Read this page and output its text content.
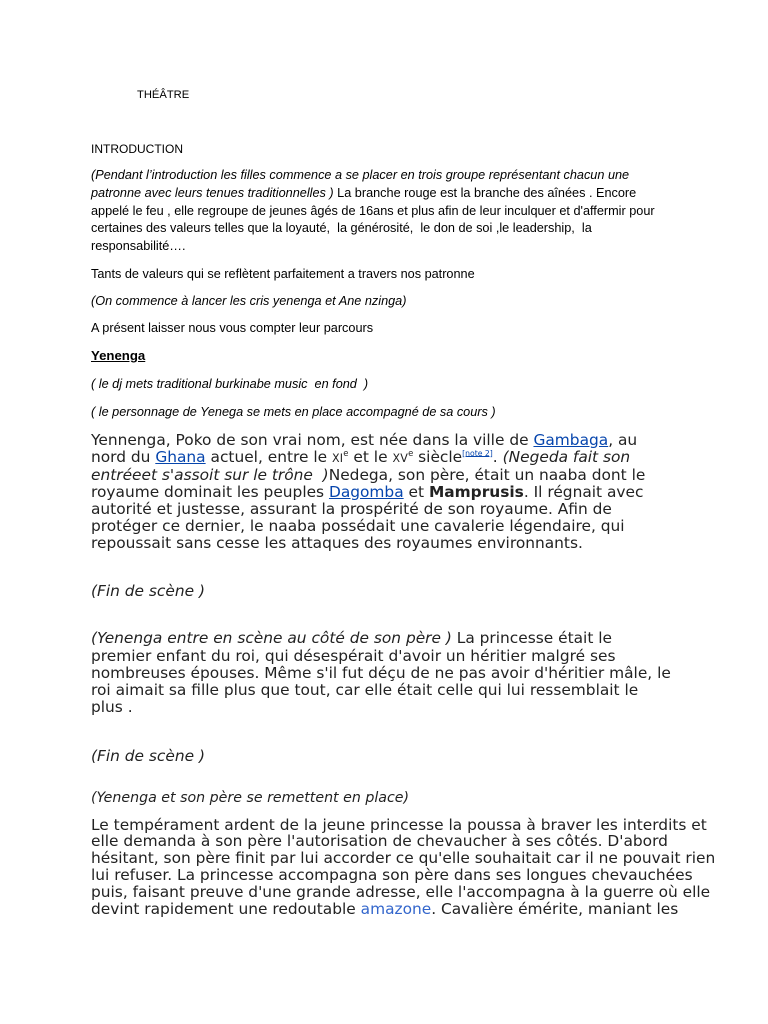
THÉÂTRE
INTRODUCTION
(Pendant l’introduction les filles commence a se placer en trois groupe représentant chacun une
patronne avec leurs tenues traditionnelles ) La branche rouge est la branche des aînées . Encore
appelé le feu , elle regroupe de jeunes âgés de 16ans et plus afin de leur inculquer et d'affermir pour
certaines des valeurs telles que la loyauté,  la générosité,  le don de soi ,le leadership,  la
responsabilité….
Tants de valeurs qui se reflètent parfaitement a travers nos patronne
(On commence à lancer les cris yenenga et Ane nzinga)
A présent laisser nous vous compter leur parcours
Yenenga
( le dj mets traditional burkinabe music  en fond  )
( le personnage de Yenega se mets en place accompagné de sa cours )
Yennenga, Poko de son vrai nom, est née dans la ville de Gambaga, au
nord du Ghana actuel, entre le XIe et le XVe siècle[note 2]. (Negeda fait son
entréeet s'assoit sur le trône  )Nedega, son père, était un naaba dont le
royaume dominait les peuples Dagomba et Mamprusis. Il régnait avec
autorité et justesse, assurant la prospérité de son royaume. Afin de
protéger ce dernier, le naaba possédait une cavalerie légendaire, qui
repoussait sans cesse les attaques des royaumes environnants.
(Fin de scène )
(Yenenga entre en scène au côté de son père ) La princesse était le
premier enfant du roi, qui désespérait d'avoir un héritier malgré ses
nombreuses épouses. Même s'il fut déçu de ne pas avoir d'héritier mâle, le
roi aimait sa fille plus que tout, car elle était celle qui lui ressemblait le
plus .
(Fin de scène )
(Yenenga et son père se remettent en place)
Le tempérament ardent de la jeune princesse la poussa à braver les interdits et
elle demanda à son père l'autorisation de chevaucher à ses côtés. D'abord
hésitant, son père finit par lui accorder ce qu'elle souhaitait car il ne pouvait rien
lui refuser. La princesse accompagna son père dans ses longues chevauchées
puis, faisant preuve d'une grande adresse, elle l'accompagna à la guerre où elle
devint rapidement une redoutable amazone. Cavalière émérite, maniant les
